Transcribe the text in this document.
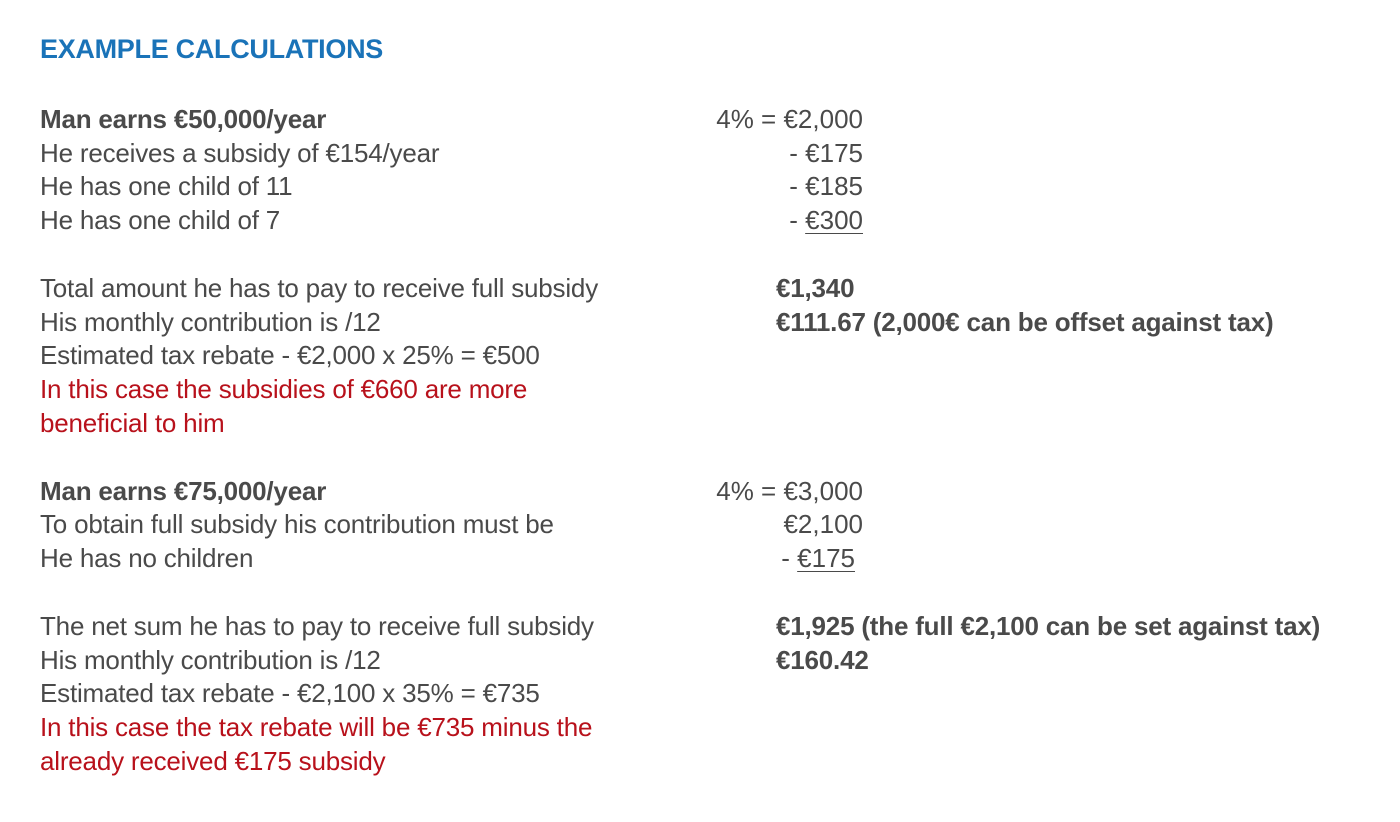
EXAMPLE CALCULATIONS
Man earns €50,000/year
He receives a subsidy of €154/year
He has one child of 11
He has one child of 7
4% = €2,000
- €175
- €185
- €300
Total amount he has to pay to receive full subsidy
His monthly contribution is /12
Estimated tax rebate - €2,000 x 25% = €500
€1,340
€111.67 (2,000€ can be offset against tax)
In this case the subsidies of €660 are more
beneficial to him
Man earns €75,000/year
To obtain full subsidy his contribution must be
He has no children
4% = €3,000
€2,100
- €175
The net sum he has to pay to receive full subsidy
His monthly contribution is /12
Estimated tax rebate - €2,100 x 35% = €735
€1,925 (the full €2,100 can be set against tax)
€160.42
In this case the tax rebate will be €735 minus the
already received €175 subsidy
